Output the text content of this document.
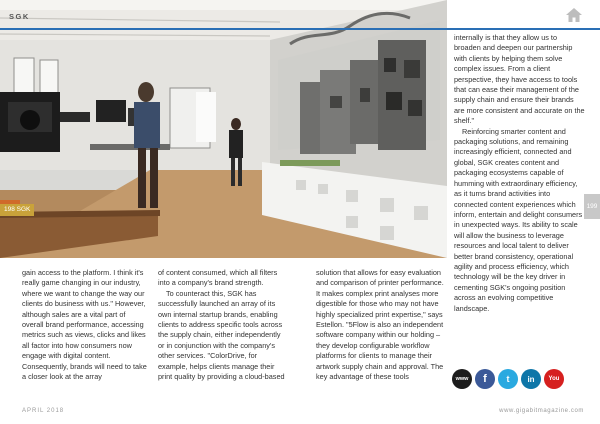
SGK
198 SGK	199

gain access to the platform. I think it's really game changing in our industry, where we want to change the way our clients do business with us." However, although sales are a vital part of overall brand performance, accessing metrics such as views, clicks and likes all factor into how consumers now engage with digital content. Consequently, brands will need to take a closer look at the array

of content consumed, which all filters into a company's brand strength.

To counteract this, SGK has successfully launched an array of its own internal startup brands, enabling clients to address specific tools across the supply chain, either independently or in conjunction with the company's other services. "ColorDrive, for example, helps clients manage their print quality by providing a cloud-based

solution that allows for easy evaluation and comparison of printer performance. It makes complex print analyses more digestible for those who may not have highly specialized print expertise," says Estellon. "5Flow is also an independent software company within our holding – they develop configurable workflow platforms for clients to manage their artwork supply chain and approval. The key advantage of these tools

internally is that they allow us to broaden and deepen our partnership with clients by helping them solve complex issues. From a client perspective, they have access to tools that can ease their management of the supply chain and ensure their brands are more consistent and accurate on the shelf."

Reinforcing smarter content and packaging solutions, and remaining increasingly efficient, connected and global, SGK creates content and packaging ecosystems capable of humming with extraordinary efficiency, as it turns brand activities into connected content experiences which inform, entertain and delight consumers in unexpected ways. Its ability to scale will allow the business to leverage resources and local talent to deliver better brand consistency, operational agility and process efficiency, which technology will be the key driver in cementing SGK's ongoing position across an evolving competitive landscape.

www	f	t	in	You
APRIL 2018	www.gigabitmagazine.com
